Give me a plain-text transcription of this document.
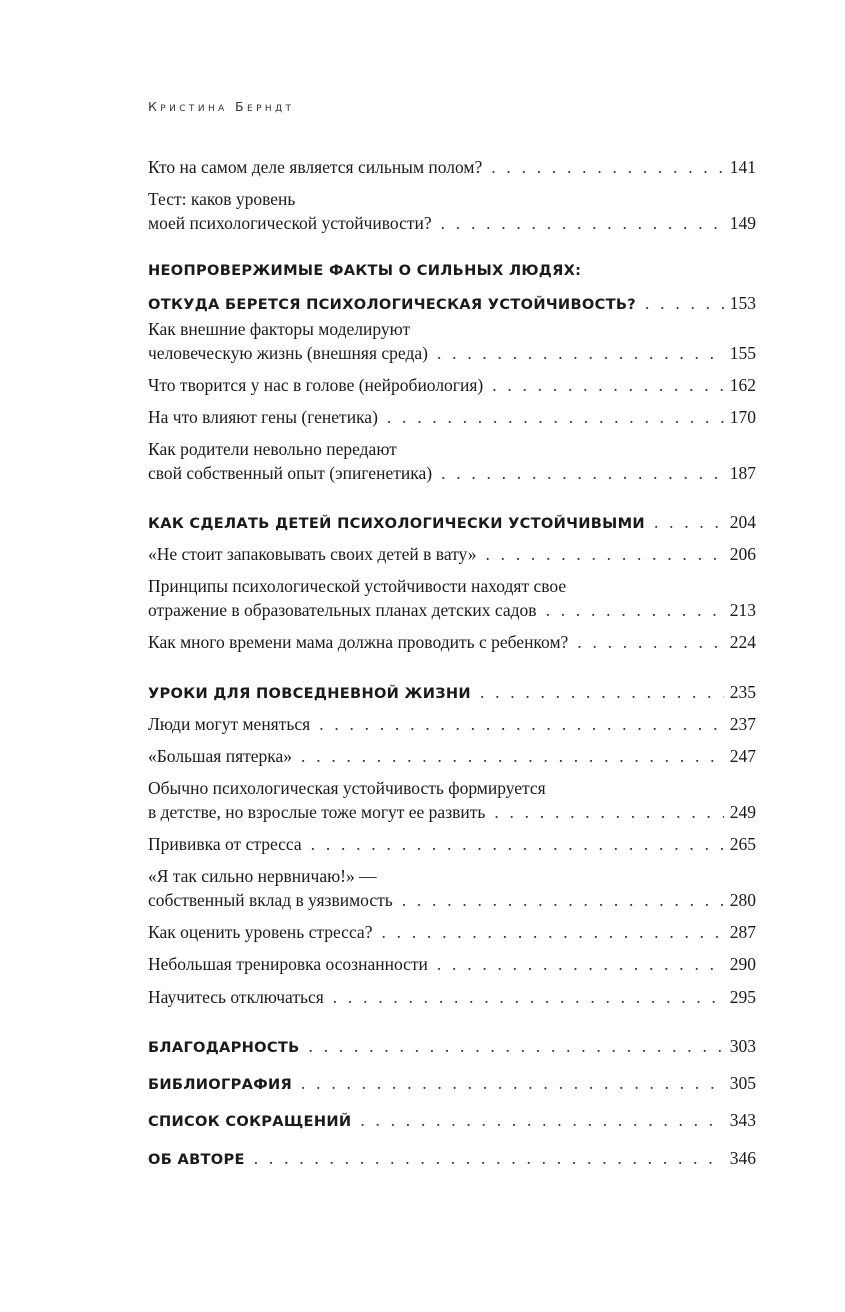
Кристина Берндт
Кто на самом деле является сильным полом? . . .	141
Тест: каков уровень
моей психологической устойчивости? . . .	149
НЕОПРОВЕРЖИМЫЕ ФАКТЫ О СИЛЬНЫХ ЛЮДЯХ:
ОТКУДА БЕРЕТСЯ ПСИХОЛОГИЧЕСКАЯ УСТОЙЧИВОСТЬ? . . .	153
Как внешние факторы моделируют
человеческую жизнь (внешняя среда) . . .	155
Что творится у нас в голове (нейробиология) . . .	162
На что влияют гены (генетика) . . .	170
Как родители невольно передают
свой собственный опыт (эпигенетика) . . .	187
КАК СДЕЛАТЬ ДЕТЕЙ ПСИХОЛОГИЧЕСКИ УСТОЙЧИВЫМИ . . .	204
«Не стоит запаковывать своих детей в вату» . . .	206
Принципы психологической устойчивости находят свое
отражение в образовательных планах детских садов . . .	213
Как много времени мама должна проводить с ребенком? . . .	224
УРОКИ ДЛЯ ПОВСЕДНЕВНОЙ ЖИЗНИ . . .	235
Люди могут меняться . . .	237
«Большая пятерка» . . .	247
Обычно психологическая устойчивость формируется
в детстве, но взрослые тоже могут ее развить . . .	249
Прививка от стресса . . .	265
«Я так сильно нервничаю!» —
собственный вклад в уязвимость . . .	280
Как оценить уровень стресса? . . .	287
Небольшая тренировка осознанности . . .	290
Научитесь отключаться . . .	295
БЛАГОДАРНОСТЬ . . .	303
БИБЛИОГРАФИЯ . . .	305
СПИСОК СОКРАЩЕНИЙ . . .	343
ОБ АВТОРЕ . . .	346
